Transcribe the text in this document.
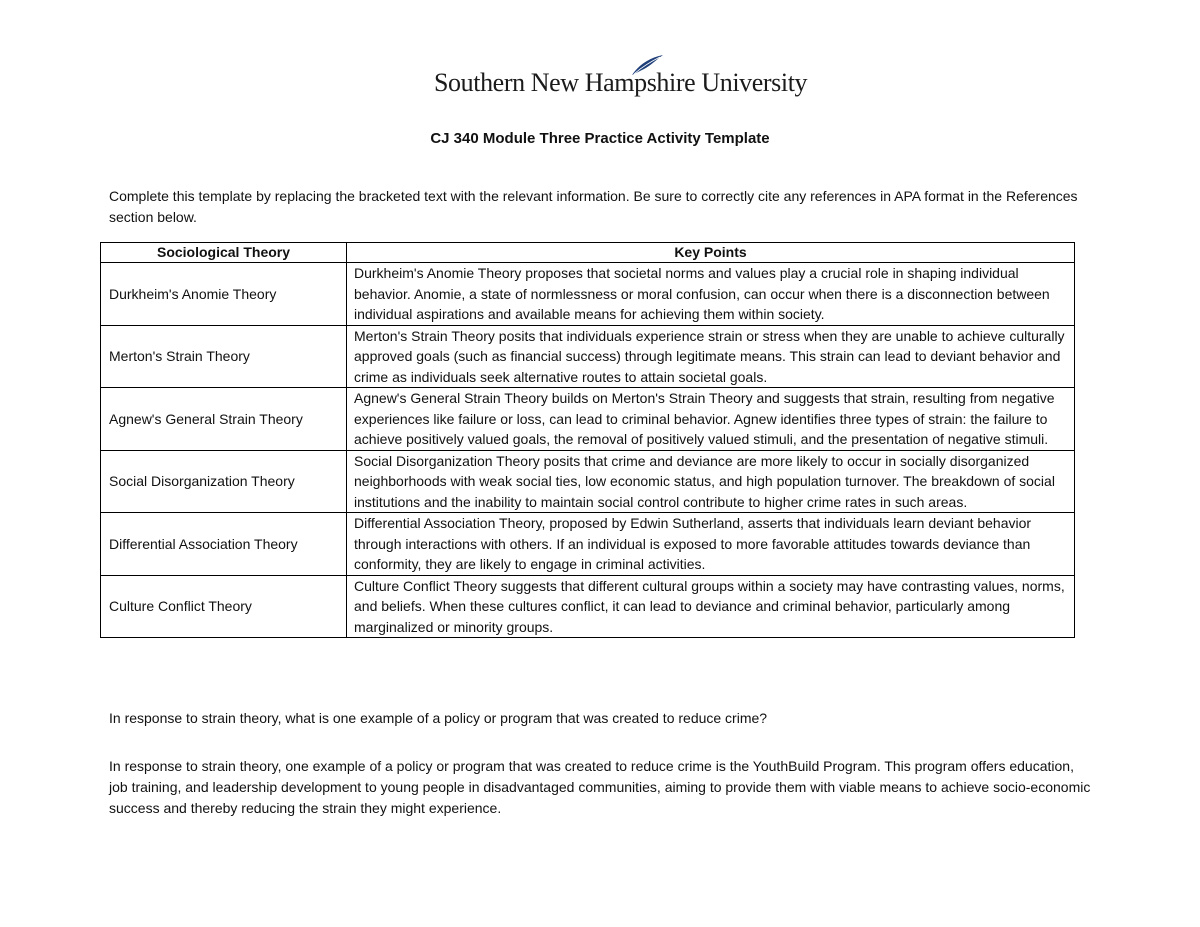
Southern New Hampshire University
CJ 340 Module Three Practice Activity Template
Complete this template by replacing the bracketed text with the relevant information. Be sure to correctly cite any references in APA format in the References section below.
Sociological Theory	Key Points
Durkheim's Anomie Theory	Durkheim's Anomie Theory proposes that societal norms and values play a crucial role in shaping individual behavior. Anomie, a state of normlessness or moral confusion, can occur when there is a disconnection between individual aspirations and available means for achieving them within society.
Merton's Strain Theory	Merton's Strain Theory posits that individuals experience strain or stress when they are unable to achieve culturally approved goals (such as financial success) through legitimate means. This strain can lead to deviant behavior and crime as individuals seek alternative routes to attain societal goals.
Agnew's General Strain Theory	Agnew's General Strain Theory builds on Merton's Strain Theory and suggests that strain, resulting from negative experiences like failure or loss, can lead to criminal behavior. Agnew identifies three types of strain: the failure to achieve positively valued goals, the removal of positively valued stimuli, and the presentation of negative stimuli.
Social Disorganization Theory	Social Disorganization Theory posits that crime and deviance are more likely to occur in socially disorganized neighborhoods with weak social ties, low economic status, and high population turnover. The breakdown of social institutions and the inability to maintain social control contribute to higher crime rates in such areas.
Differential Association Theory	Differential Association Theory, proposed by Edwin Sutherland, asserts that individuals learn deviant behavior through interactions with others. If an individual is exposed to more favorable attitudes towards deviance than conformity, they are likely to engage in criminal activities.
Culture Conflict Theory	Culture Conflict Theory suggests that different cultural groups within a society may have contrasting values, norms, and beliefs. When these cultures conflict, it can lead to deviance and criminal behavior, particularly among marginalized or minority groups.
In response to strain theory, what is one example of a policy or program that was created to reduce crime?
In response to strain theory, one example of a policy or program that was created to reduce crime is the YouthBuild Program. This program offers education, job training, and leadership development to young people in disadvantaged communities, aiming to provide them with viable means to achieve socio-economic success and thereby reducing the strain they might experience.
